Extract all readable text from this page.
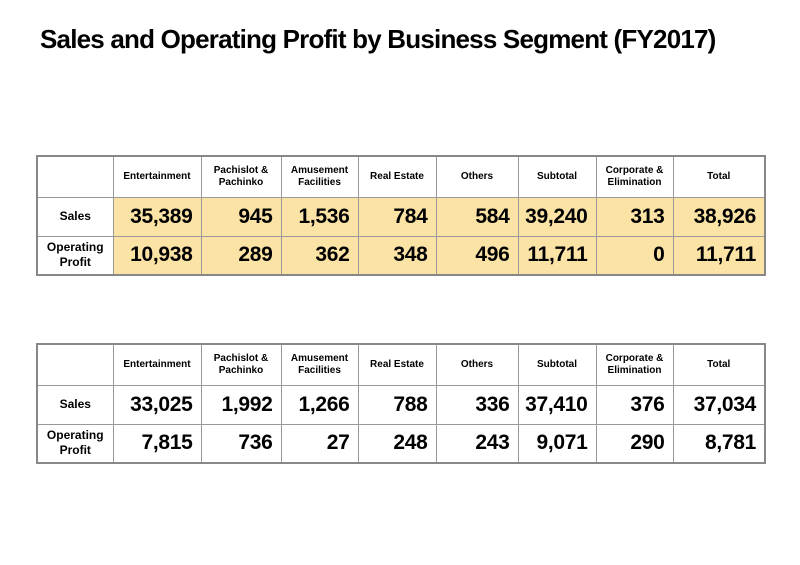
Sales and Operating Profit by Business Segment (FY2017)
	Entertainment	Pachislot & Pachinko	Amusement Facilities	Real Estate	Others	Subtotal	Corporate & Elimination	Total
Sales	35,389	945	1,536	784	584	39,240	313	38,926
Operating Profit	10,938	289	362	348	496	11,711	0	11,711
	Entertainment	Pachislot & Pachinko	Amusement Facilities	Real Estate	Others	Subtotal	Corporate & Elimination	Total
Sales	33,025	1,992	1,266	788	336	37,410	376	37,034
Operating Profit	7,815	736	27	248	243	9,071	290	8,781
